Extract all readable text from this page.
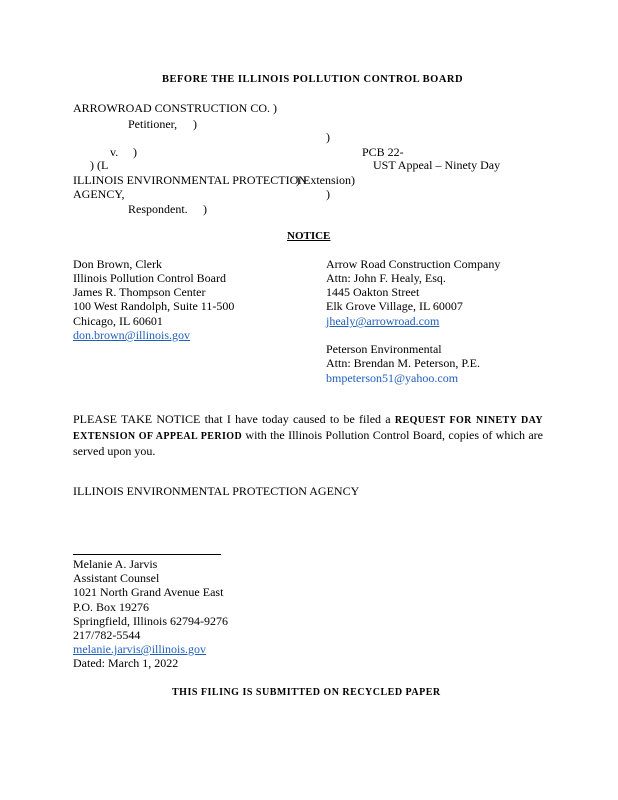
BEFORE THE ILLINOIS POLLUTION CONTROL BOARD
ARROWROAD CONSTRUCTION CO. )
Petitioner, )
)
v. )	PCB 22-
) (L	UST Appeal – Ninety Day
ILLINOIS ENVIRONMENTAL PROTECTION
) Extension)
AGENCY,	)
Respondent. )
NOTICE
Don Brown, Clerk
Illinois Pollution Control Board
James R. Thompson Center
100 West Randolph, Suite 11-500
Chicago, IL 60601
don.brown@illinois.gov
Arrow Road Construction Company
Attn: John F. Healy, Esq.
1445 Oakton Street
Elk Grove Village, IL 60007
jhealy@arrowroad.com
Peterson Environmental
Attn: Brendan M. Peterson, P.E.
bmpeterson51@yahoo.com
PLEASE TAKE NOTICE that I have today caused to be filed a REQUEST FOR NINETY DAY EXTENSION OF APPEAL PERIOD with the Illinois Pollution Control Board, copies of which are served upon you.
ILLINOIS ENVIRONMENTAL PROTECTION AGENCY
Melanie A. Jarvis
Assistant Counsel
1021 North Grand Avenue East
P.O. Box 19276
Springfield, Illinois 62794-9276
217/782-5544
melanie.jarvis@illinois.gov
Dated: March 1, 2022
THIS FILING IS SUBMITTED ON RECYCLED PAPER
